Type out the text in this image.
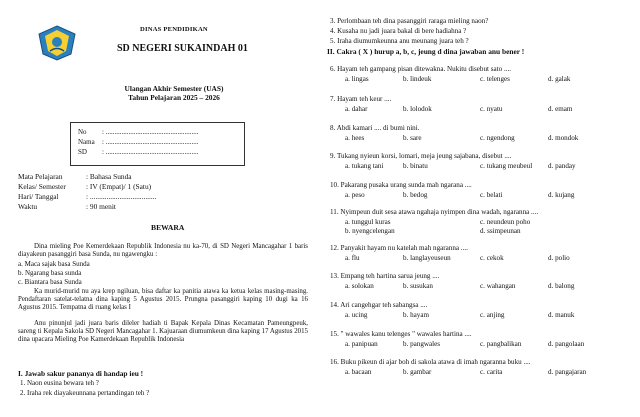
DINAS PENDIDIKAN
SD NEGERI SUKAINDAH 01
Ulangan Akhir Semester (UAS)
Tahun Pelajaran 2025 – 2026
No : .....................................................
Nama : .....................................................
SD : .....................................................
Mata Pelajaran	: Bahasa Sunda
Kelas/ Semester	: IV (Empat)/ 1 (Satu)
Hari/ Tanggal	: ....................................
Waktu	: 90 menit
BEWARA
Dina mieling Poe Kemerdekaan Republik Indonesia nu ka-70, di SD Negeri Mancagahar 1 baris diayakeun pasanggiri basa Sunda, nu ngawengku :
a. Maca sajak basa Sunda
b. Ngarang basa sunda
c. Biantara basa Sunda
Ka murid-murid nu aya krep ngiluan, bisa daftar ka panitia atawa ka ketua kelas masing-masing. Pendaftaran satelat-telatna dina kaping 5 Agustus 2015. Prungna pasanggiri kaping 10 dugi ka 16 Agustus 2015. Tempatna di ruang kelas I
Anu pinunjul jadi juara baris dileler hadiah ti Bapak Kepala Dinas Kecamatan Pameungpeuk, sareng ti Kepala Sakola SD Negeri Mancagahar 1. Kajuaraan diumumkeun dina kaping 17 Agustus 2015 dina upacara Mieling Poe Kamerdekaan Republik Indonesia
I. Jawab sakur pananya di handap ieu !
1. Naon eusina bewara teh ?
2. Iraha rek diayakeunnana pertandingan teh ?
3. Perlombaan teh dina pasanggiri raraga mieling naon?
4. Kusaha nu jadi juara bakal di bere hadiahna ?
5. Iraha diumumkeunna anu meunang juara teh ?
II. Cakra ( X ) hurup a, b, c, jeung d dina jawaban anu bener !
6. Hayam teh gampang pisan ditewakna. Nukitu disebut sato ....
a. lingas	b. lindeuk	c. telenges	d. galak
7. Hayam teh keur ....
a. dahar	b. lolodok	c. nyatu	d. emam
8. Abdi kamari .... di bumi nini.
a. hees	b. sare	c. ngendong	d. mondok
9. Tukang nyieun korsi, lomari, meja jeung sajabana, disebut ....
a. tukang tani	b. binatu	c. tukang meubeul d. panday
10. Pakarang pusaka urang sunda mah ngarana ....
a. peso	b. bedog	c. belati	d. kujang
11. Nyimpeun duit sesa atawa ngahaja nyimpen dina wadah, ngaranna ....
a. tunggul kuras	c. neundeun poho
b. nyengcelengan	d. ssimpeunan
12. Panyakit hayam nu katelah mah ngaranna ....
a. flu	b. langlayeuseun	c. cekok	d. polio
13. Empang teh hartina sarua jeung ....
a. solokan	b. susukan	c. wahangan	d. balong
14. Ari cangehgar teh sabangsa ....
a. ucing	b. hayam	c. anjing	d. manuk
15. " wawales kanu telenges " wawales hartina ....
a. panipuan	b. pangwales	c. pangbalikan	d. pangolaan
16. Buku pikeun di ajar boh di sakola atawa di imah ngaranna buku ....
a. bacaan	b. gambar	c. carita	d. pangajaran
